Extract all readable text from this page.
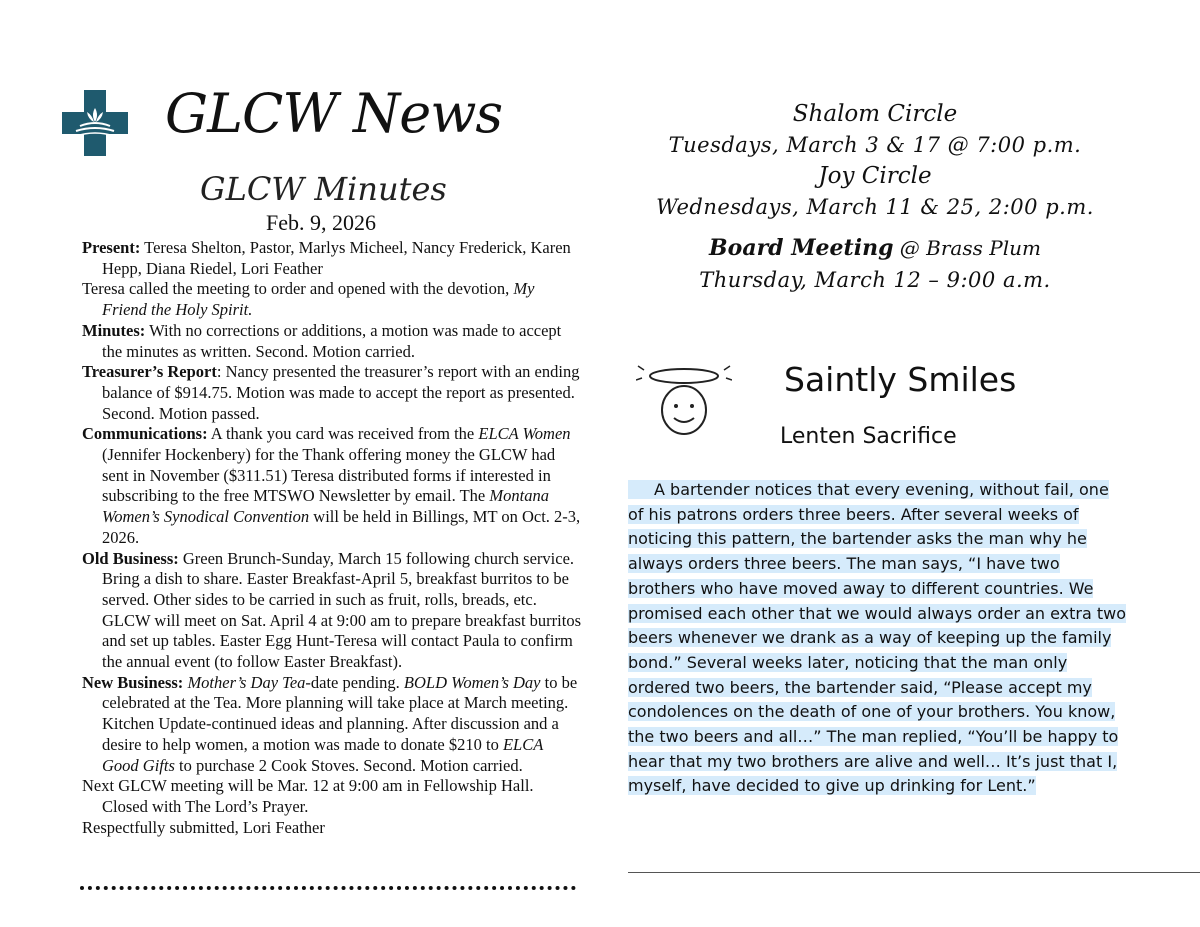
GLCW News
GLCW Minutes
Feb. 9, 2026

Present: Teresa Shelton, Pastor, Marlys Micheel, Nancy Frederick, Karen Hepp, Diana Riedel, Lori Feather

Teresa called the meeting to order and opened with the devotion, My Friend the Holy Spirit.

Minutes: With no corrections or additions, a motion was made to accept the minutes as written. Second. Motion carried.

Treasurer’s Report: Nancy presented the treasurer’s report with an ending balance of $914.75. Motion was made to accept the report as presented. Second. Motion passed.

Communications: A thank you card was received from the ELCA Women (Jennifer Hockenbery) for the Thank offering money the GLCW had sent in November ($311.51) Teresa distributed forms if interested in subscribing to the free MTSWO Newsletter by email. The Montana Women’s Synodical Convention will be held in Billings, MT on Oct. 2-3, 2026.

Old Business: Green Brunch-Sunday, March 15 following church service. Bring a dish to share. Easter Breakfast-April 5, breakfast burritos to be served. Other sides to be carried in such as fruit, rolls, breads, etc. GLCW will meet on Sat. April 4 at 9:00 am to prepare breakfast burritos and set up tables. Easter Egg Hunt-Teresa will contact Paula to confirm the annual event (to follow Easter Breakfast).

New Business: Mother’s Day Tea-date pending. BOLD Women’s Day to be celebrated at the Tea. More planning will take place at March meeting. Kitchen Update-continued ideas and planning. After discussion and a desire to help women, a motion was made to donate $210 to ELCA Good Gifts to purchase 2 Cook Stoves. Second. Motion carried.

Next GLCW meeting will be Mar. 12 at 9:00 am in Fellowship Hall. Closed with The Lord’s Prayer.

Respectfully submitted, Lori Feather

Shalom Circle
Tuesdays, March 3 & 17 @ 7:00 p.m.
Joy Circle
Wednesdays, March 11 & 25, 2:00 p.m.
Board Meeting @ Brass Plum
Thursday, March 12 – 9:00 a.m.
Saintly Smiles
Lenten Sacrifice
A bartender notices that every evening, without fail, one of his patrons orders three beers. After several weeks of noticing this pattern, the bartender asks the man why he always orders three beers. The man says, “I have two brothers who have moved away to different countries. We promised each other that we would always order an extra two beers whenever we drank as a way of keeping up the family bond.” Several weeks later, noticing that the man only ordered two beers, the bartender said, “Please accept my condolences on the death of one of your brothers. You know, the two beers and all…” The man replied, “You’ll be happy to hear that my two brothers are alive and well… It’s just that I, myself, have decided to give up drinking for Lent.”
